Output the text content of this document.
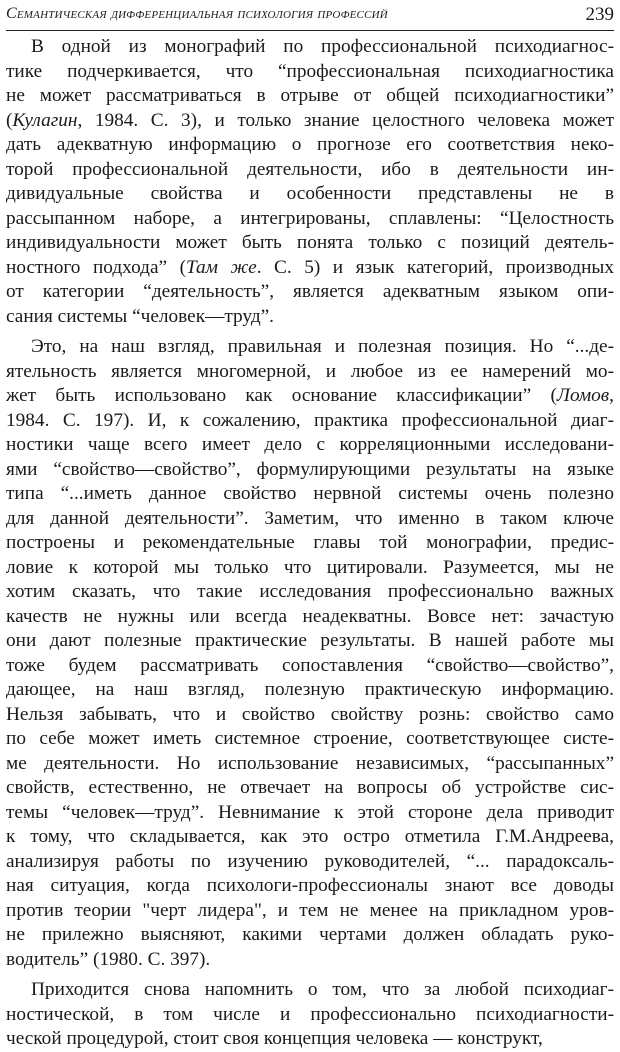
Семантическая дифференциальная психология профессий	239
В одной из монографий по профессиональной психодиагнос-
тике подчеркивается, что “профессиональная психодиагностика
не может рассматриваться в отрыве от общей психодиагностики”
(Кулагин, 1984. С. 3), и только знание целостного человека может
дать адекватную информацию о прогнозе его соответствия неко-
торой профессиональной деятельности, ибо в деятельности ин-
дивидуальные свойства и особенности представлены не в
рассыпанном наборе, а интегрированы, сплавлены: “Целостность
индивидуальности может быть понята только с позиций деятель-
ностного подхода” (Там же. С. 5) и язык категорий, производных
от категории “деятельность”, является адекватным языком опи-
сания системы “человек—труд”.
Это, на наш взгляд, правильная и полезная позиция. Но “...де-
ятельность является многомерной, и любое из ее намерений мо-
жет быть использовано как основание классификации” (Ломов,
1984. С. 197). И, к сожалению, практика профессиональной диаг-
ностики чаще всего имеет дело с корреляционными исследовани-
ями “свойство—свойство”, формулирующими результаты на языке
типа “...иметь данное свойство нервной системы очень полезно
для данной деятельности”. Заметим, что именно в таком ключе
построены и рекомендательные главы той монографии, предис-
ловие к которой мы только что цитировали. Разумеется, мы не
хотим сказать, что такие исследования профессионально важных
качеств не нужны или всегда неадекватны. Вовсе нет: зачастую
они дают полезные практические результаты. В нашей работе мы
тоже будем рассматривать сопоставления “свойство—свойство”,
дающее, на наш взгляд, полезную практическую информацию.
Нельзя забывать, что и свойство свойству рознь: свойство само
по себе может иметь системное строение, соответствующее систе-
ме деятельности. Но использование независимых, “рассыпанных”
свойств, естественно, не отвечает на вопросы об устройстве сис-
темы “человек—труд”. Невнимание к этой стороне дела приводит
к тому, что складывается, как это остро отметила Г.М.Андреева,
анализируя работы по изучению руководителей, “... парадоксаль-
ная ситуация, когда психологи-профессионалы знают все доводы
против теории "черт лидера", и тем не менее на прикладном уров-
не прилежно выясняют, какими чертами должен обладать руко-
водитель” (1980. С. 397).
Приходится снова напомнить о том, что за любой психодиаг-
ностической, в том числе и профессионально психодиагности-
ческой процедурой, стоит своя концепция человека — конструкт,
